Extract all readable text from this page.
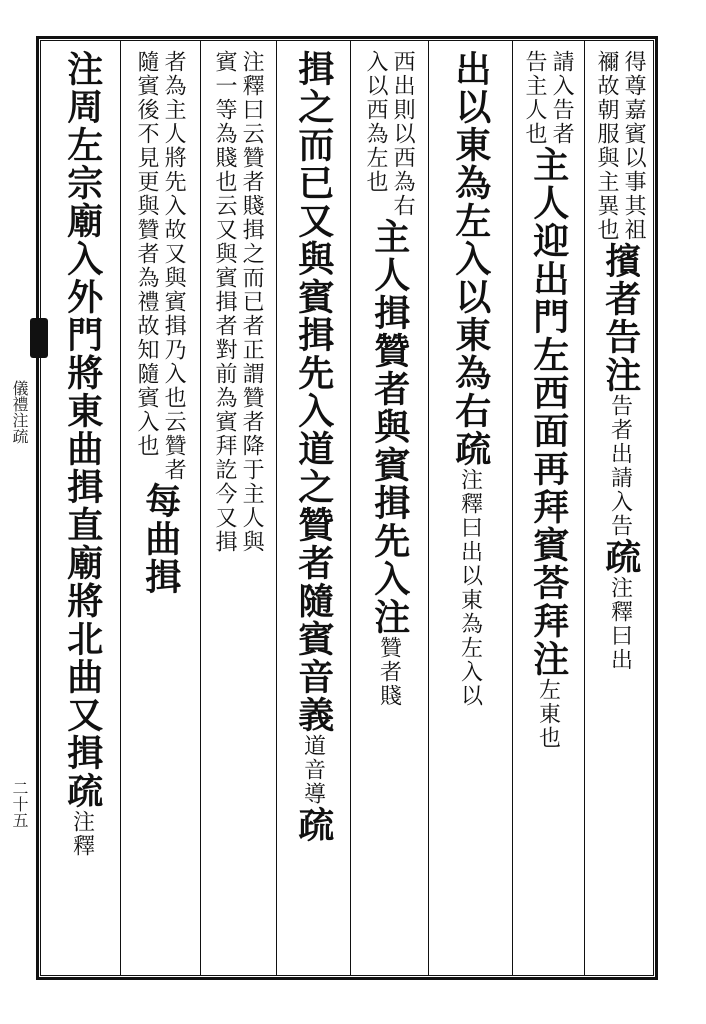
儀禮注疏
二十五
得尊嘉賓以事其祖
禰故朝服與主異也
擯者告
注
告者出請入告
疏
注釋曰出
請入告者
告主人也
主人迎出門左西面再拜賓荅拜
注
左東也
出以東為左入以東為右
疏
注釋曰出以東為左入以
西出則以西為右
入以西為左也
主人揖贊者與賓揖先入
注
贊者賤
揖之而已又與賓揖先入道之贊者隨賓
音義
道音導
疏
注釋曰云贊者賤揖之而已者正謂贊者降于主人與
賓一等為賤也云又與賓揖者對前為賓拜訖今又揖
者為主人將先入故又與賓揖乃入也云贊者
隨賓後不見更與贊者為禮故知隨賓入也
每曲揖
注周左宗廟入外門將東曲揖直廟將北曲又揖
疏
注釋
